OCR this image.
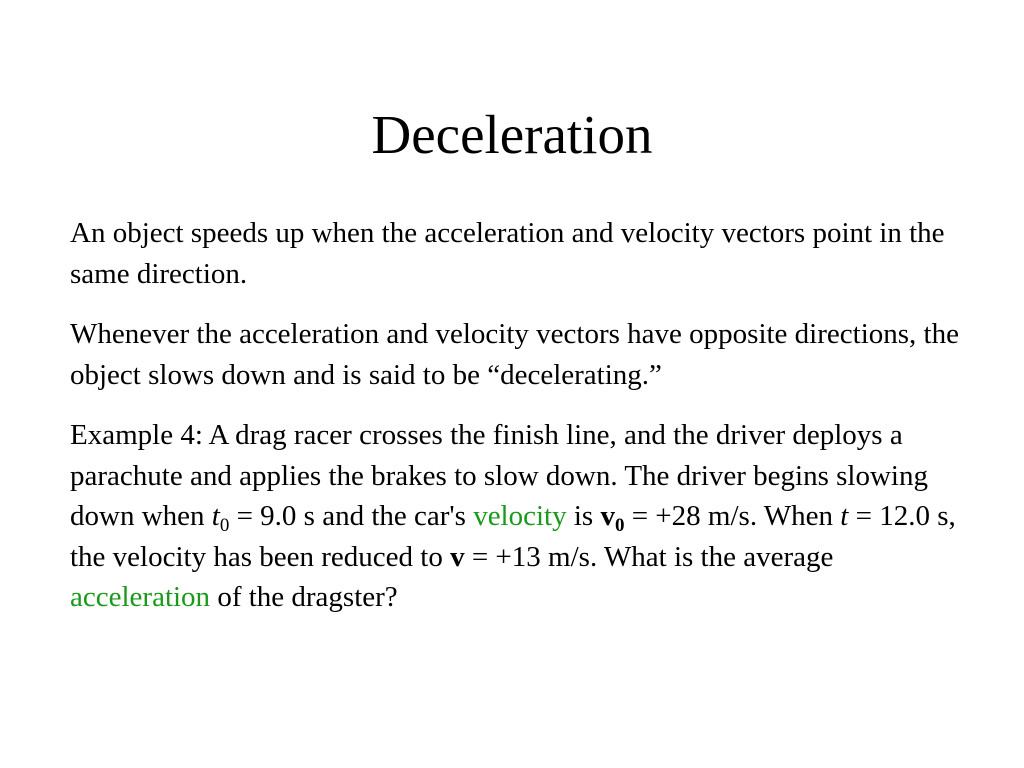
Deceleration

An object speeds up when the acceleration and velocity vectors point in the same direction.

Whenever the acceleration and velocity vectors have opposite directions, the object slows down and is said to be “decelerating.”

Example 4: A drag racer crosses the finish line, and the driver deploys a parachute and applies the brakes to slow down. The driver begins slowing down when $t_0 = 9.0$ s and the car's velocity is $v_0 = +28$ m/s. When t = 12.0 s, the velocity has been reduced to v = +13 m/s. What is the average acceleration of the dragster?
